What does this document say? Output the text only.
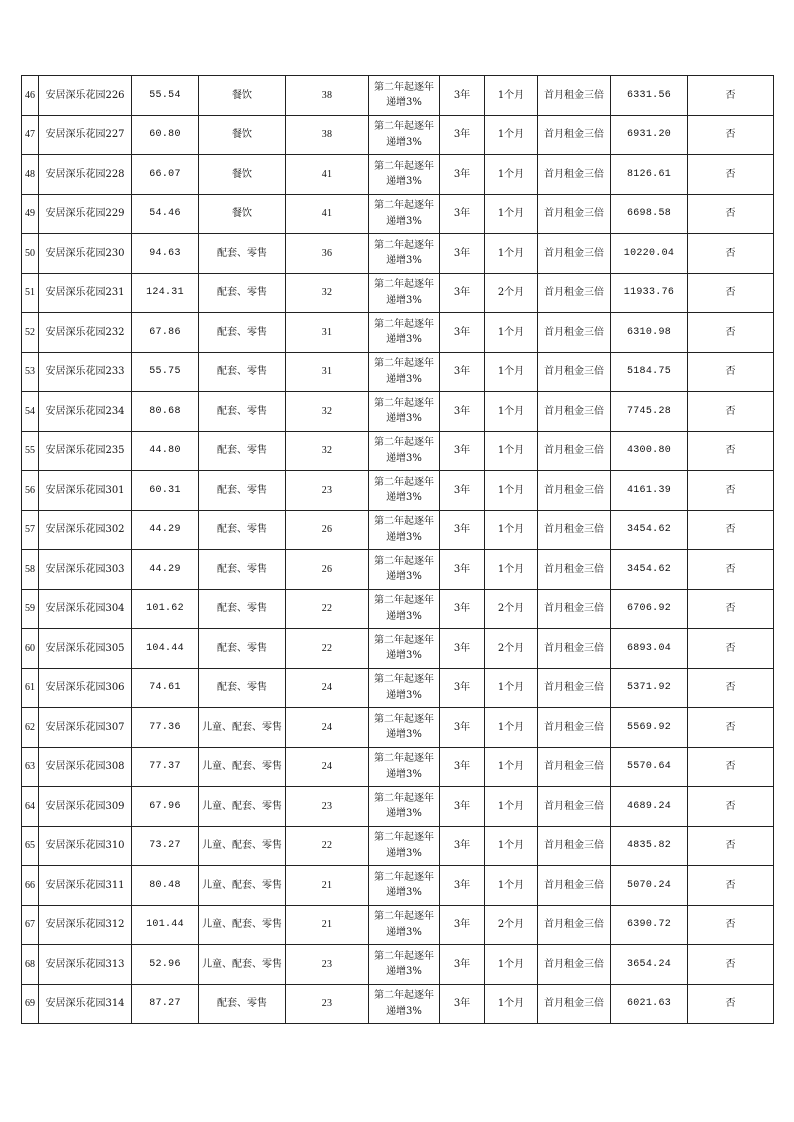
46	安居深乐花园226	55.54	餐饮	38	第二年起逐年
递增3%	3年	1个月	首月租金三倍	6331.56	否
47	安居深乐花园227	60.80	餐饮	38	第二年起逐年
递增3%	3年	1个月	首月租金三倍	6931.20	否
48	安居深乐花园228	66.07	餐饮	41	第二年起逐年
递增3%	3年	1个月	首月租金三倍	8126.61	否
49	安居深乐花园229	54.46	餐饮	41	第二年起逐年
递增3%	3年	1个月	首月租金三倍	6698.58	否
50	安居深乐花园230	94.63	配套、零售	36	第二年起逐年
递增3%	3年	1个月	首月租金三倍	10220.04	否
51	安居深乐花园231	124.31	配套、零售	32	第二年起逐年
递增3%	3年	2个月	首月租金三倍	11933.76	否
52	安居深乐花园232	67.86	配套、零售	31	第二年起逐年
递增3%	3年	1个月	首月租金三倍	6310.98	否
53	安居深乐花园233	55.75	配套、零售	31	第二年起逐年
递增3%	3年	1个月	首月租金三倍	5184.75	否
54	安居深乐花园234	80.68	配套、零售	32	第二年起逐年
递增3%	3年	1个月	首月租金三倍	7745.28	否
55	安居深乐花园235	44.80	配套、零售	32	第二年起逐年
递增3%	3年	1个月	首月租金三倍	4300.80	否
56	安居深乐花园301	60.31	配套、零售	23	第二年起逐年
递增3%	3年	1个月	首月租金三倍	4161.39	否
57	安居深乐花园302	44.29	配套、零售	26	第二年起逐年
递增3%	3年	1个月	首月租金三倍	3454.62	否
58	安居深乐花园303	44.29	配套、零售	26	第二年起逐年
递增3%	3年	1个月	首月租金三倍	3454.62	否
59	安居深乐花园304	101.62	配套、零售	22	第二年起逐年
递增3%	3年	2个月	首月租金三倍	6706.92	否
60	安居深乐花园305	104.44	配套、零售	22	第二年起逐年
递增3%	3年	2个月	首月租金三倍	6893.04	否
61	安居深乐花园306	74.61	配套、零售	24	第二年起逐年
递增3%	3年	1个月	首月租金三倍	5371.92	否
62	安居深乐花园307	77.36	儿童、配套、零售	24	第二年起逐年
递增3%	3年	1个月	首月租金三倍	5569.92	否
63	安居深乐花园308	77.37	儿童、配套、零售	24	第二年起逐年
递增3%	3年	1个月	首月租金三倍	5570.64	否
64	安居深乐花园309	67.96	儿童、配套、零售	23	第二年起逐年
递增3%	3年	1个月	首月租金三倍	4689.24	否
65	安居深乐花园310	73.27	儿童、配套、零售	22	第二年起逐年
递增3%	3年	1个月	首月租金三倍	4835.82	否
66	安居深乐花园311	80.48	儿童、配套、零售	21	第二年起逐年
递增3%	3年	1个月	首月租金三倍	5070.24	否
67	安居深乐花园312	101.44	儿童、配套、零售	21	第二年起逐年
递增3%	3年	2个月	首月租金三倍	6390.72	否
68	安居深乐花园313	52.96	儿童、配套、零售	23	第二年起逐年
递增3%	3年	1个月	首月租金三倍	3654.24	否
69	安居深乐花园314	87.27	配套、零售	23	第二年起逐年
递增3%	3年	1个月	首月租金三倍	6021.63	否
